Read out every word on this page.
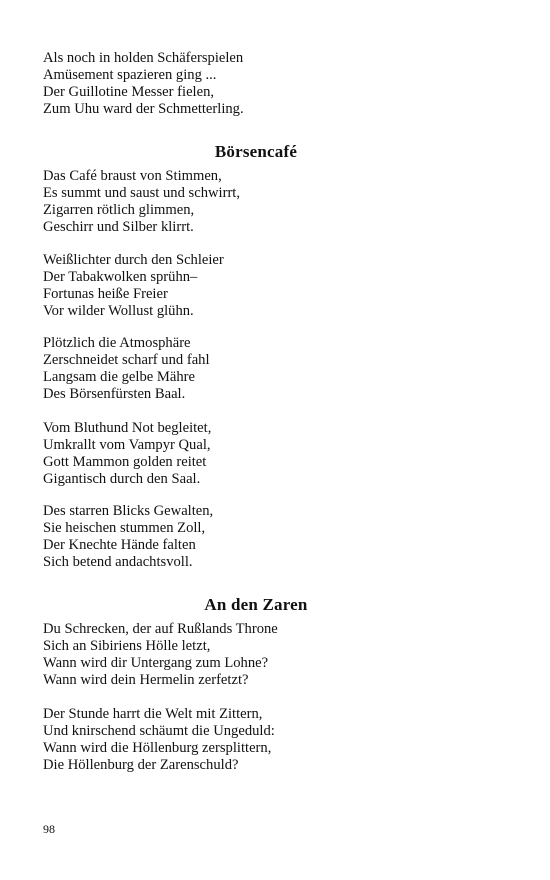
Als noch in holden Schäferspielen
Amüsement spazieren ging ...
Der Guillotine Messer fielen,
Zum Uhu ward der Schmetterling.
Börsencafé
Das Café braust von Stimmen,
Es summt und saust und schwirrt,
Zigarren rötlich glimmen,
Geschirr und Silber klirrt.
Weißlichter durch den Schleier
Der Tabakwolken sprühn–
Fortunas heiße Freier
Vor wilder Wollust glühn.
Plötzlich die Atmosphäre
Zerschneidet scharf und fahl
Langsam die gelbe Mähre
Des Börsenfürsten Baal.
Vom Bluthund Not begleitet,
Umkrallt vom Vampyr Qual,
Gott Mammon golden reitet
Gigantisch durch den Saal.
Des starren Blicks Gewalten,
Sie heischen stummen Zoll,
Der Knechte Hände falten
Sich betend andachtsvoll.
An den Zaren
Du Schrecken, der auf Rußlands Throne
Sich an Sibiriens Hölle letzt,
Wann wird dir Untergang zum Lohne?
Wann wird dein Hermelin zerfetzt?
Der Stunde harrt die Welt mit Zittern,
Und knirschend schäumt die Ungeduld:
Wann wird die Höllenburg zersplittern,
Die Höllenburg der Zarenschuld?
98
